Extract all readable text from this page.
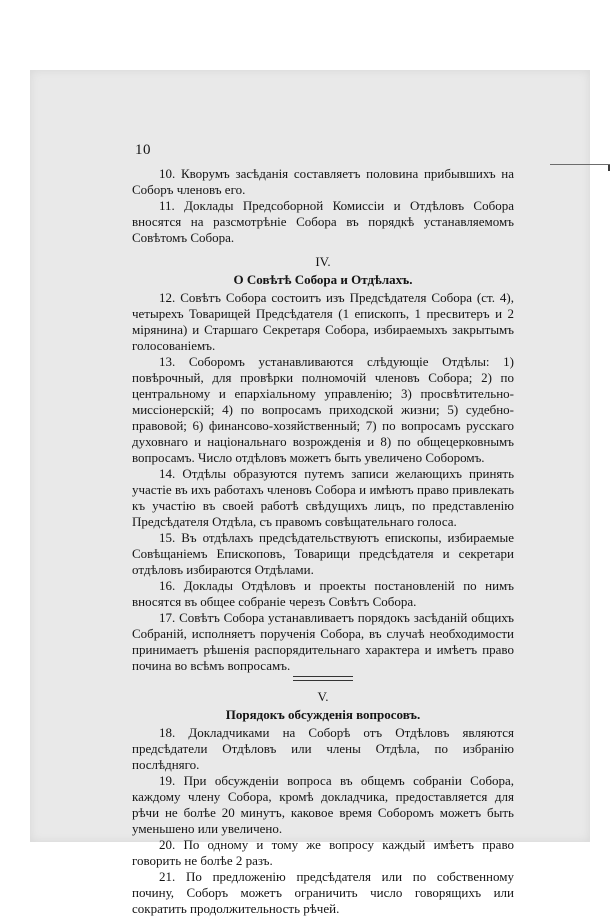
10

10. Кворумъ засѣданія составляетъ половина прибывшихъ на Соборъ членовъ его.

11. Доклады Предсоборной Комиссіи и Отдѣловъ Собора вносятся на разсмотрѣніе Собора въ порядкѣ устанавляемомъ Совѣтомъ Собора.

IV.
О Совѣтѣ Собора и Отдѣлахъ.

12. Совѣтъ Собора состоитъ изъ Предсѣдателя Собора (ст. 4), четырехъ Товарищей Предсѣдателя (1 епископъ, 1 пресвитеръ и 2 мірянина) и Старшаго Секретаря Собора, избираемыхъ закрытымъ голосованіемъ.

13. Соборомъ устанавливаются слѣдующіе Отдѣлы: 1) повѣрочный, для провѣрки полномочій членовъ Собора; 2) по центральному и епархіальному управленію; 3) просвѣтительно-миссіонерскій; 4) по вопросамъ приходской жизни; 5) судебно-правовой; 6) финансово-хозяйственный; 7) по вопросамъ русскаго духовнаго и національнаго возрожденія и 8) по общецерковнымъ вопросамъ. Число отдѣловъ можетъ быть увеличено Соборомъ.

14. Отдѣлы образуются путемъ записи желающихъ принять участіе въ ихъ работахъ членовъ Собора и имѣютъ право привлекать къ участію въ своей работѣ свѣдущихъ лицъ, по представленію Предсѣдателя Отдѣла, съ правомъ совѣщательнаго голоса.

15. Въ отдѣлахъ предсѣдательствуютъ епископы, избираемые Совѣщаніемъ Епископовъ, Товарищи предсѣдателя и секретари отдѣловъ избираются Отдѣлами.

16. Доклады Отдѣловъ и проекты постановленій по нимъ вносятся въ общее собраніе черезъ Совѣтъ Собора.

17. Совѣтъ Собора устанавливаетъ порядокъ засѣданій общихъ Собраній, исполняетъ порученія Собора, въ случаѣ необходимости принимаетъ рѣшенія распорядительнаго характера и имѣетъ право почина во всѣмъ вопросамъ.

V.
Порядокъ обсужденія вопросовъ.

18. Докладчиками на Соборѣ отъ Отдѣловъ являются предсѣдатели Отдѣловъ или члены Отдѣла, по избранію послѣдняго.

19. При обсужденіи вопроса въ общемъ собраніи Собора, каждому члену Собора, кромѣ докладчика, предоставляется для рѣчи не болѣе 20 минутъ, каковое время Соборомъ можетъ быть уменьшено или увеличено.

20. По одному и тому же вопросу каждый имѣетъ право говорить не болѣе 2 разъ.

21. По предложенію предсѣдателя или по собственному почину, Соборъ можетъ ограничить число говорящихъ или сократить продолжительность рѣчей.
